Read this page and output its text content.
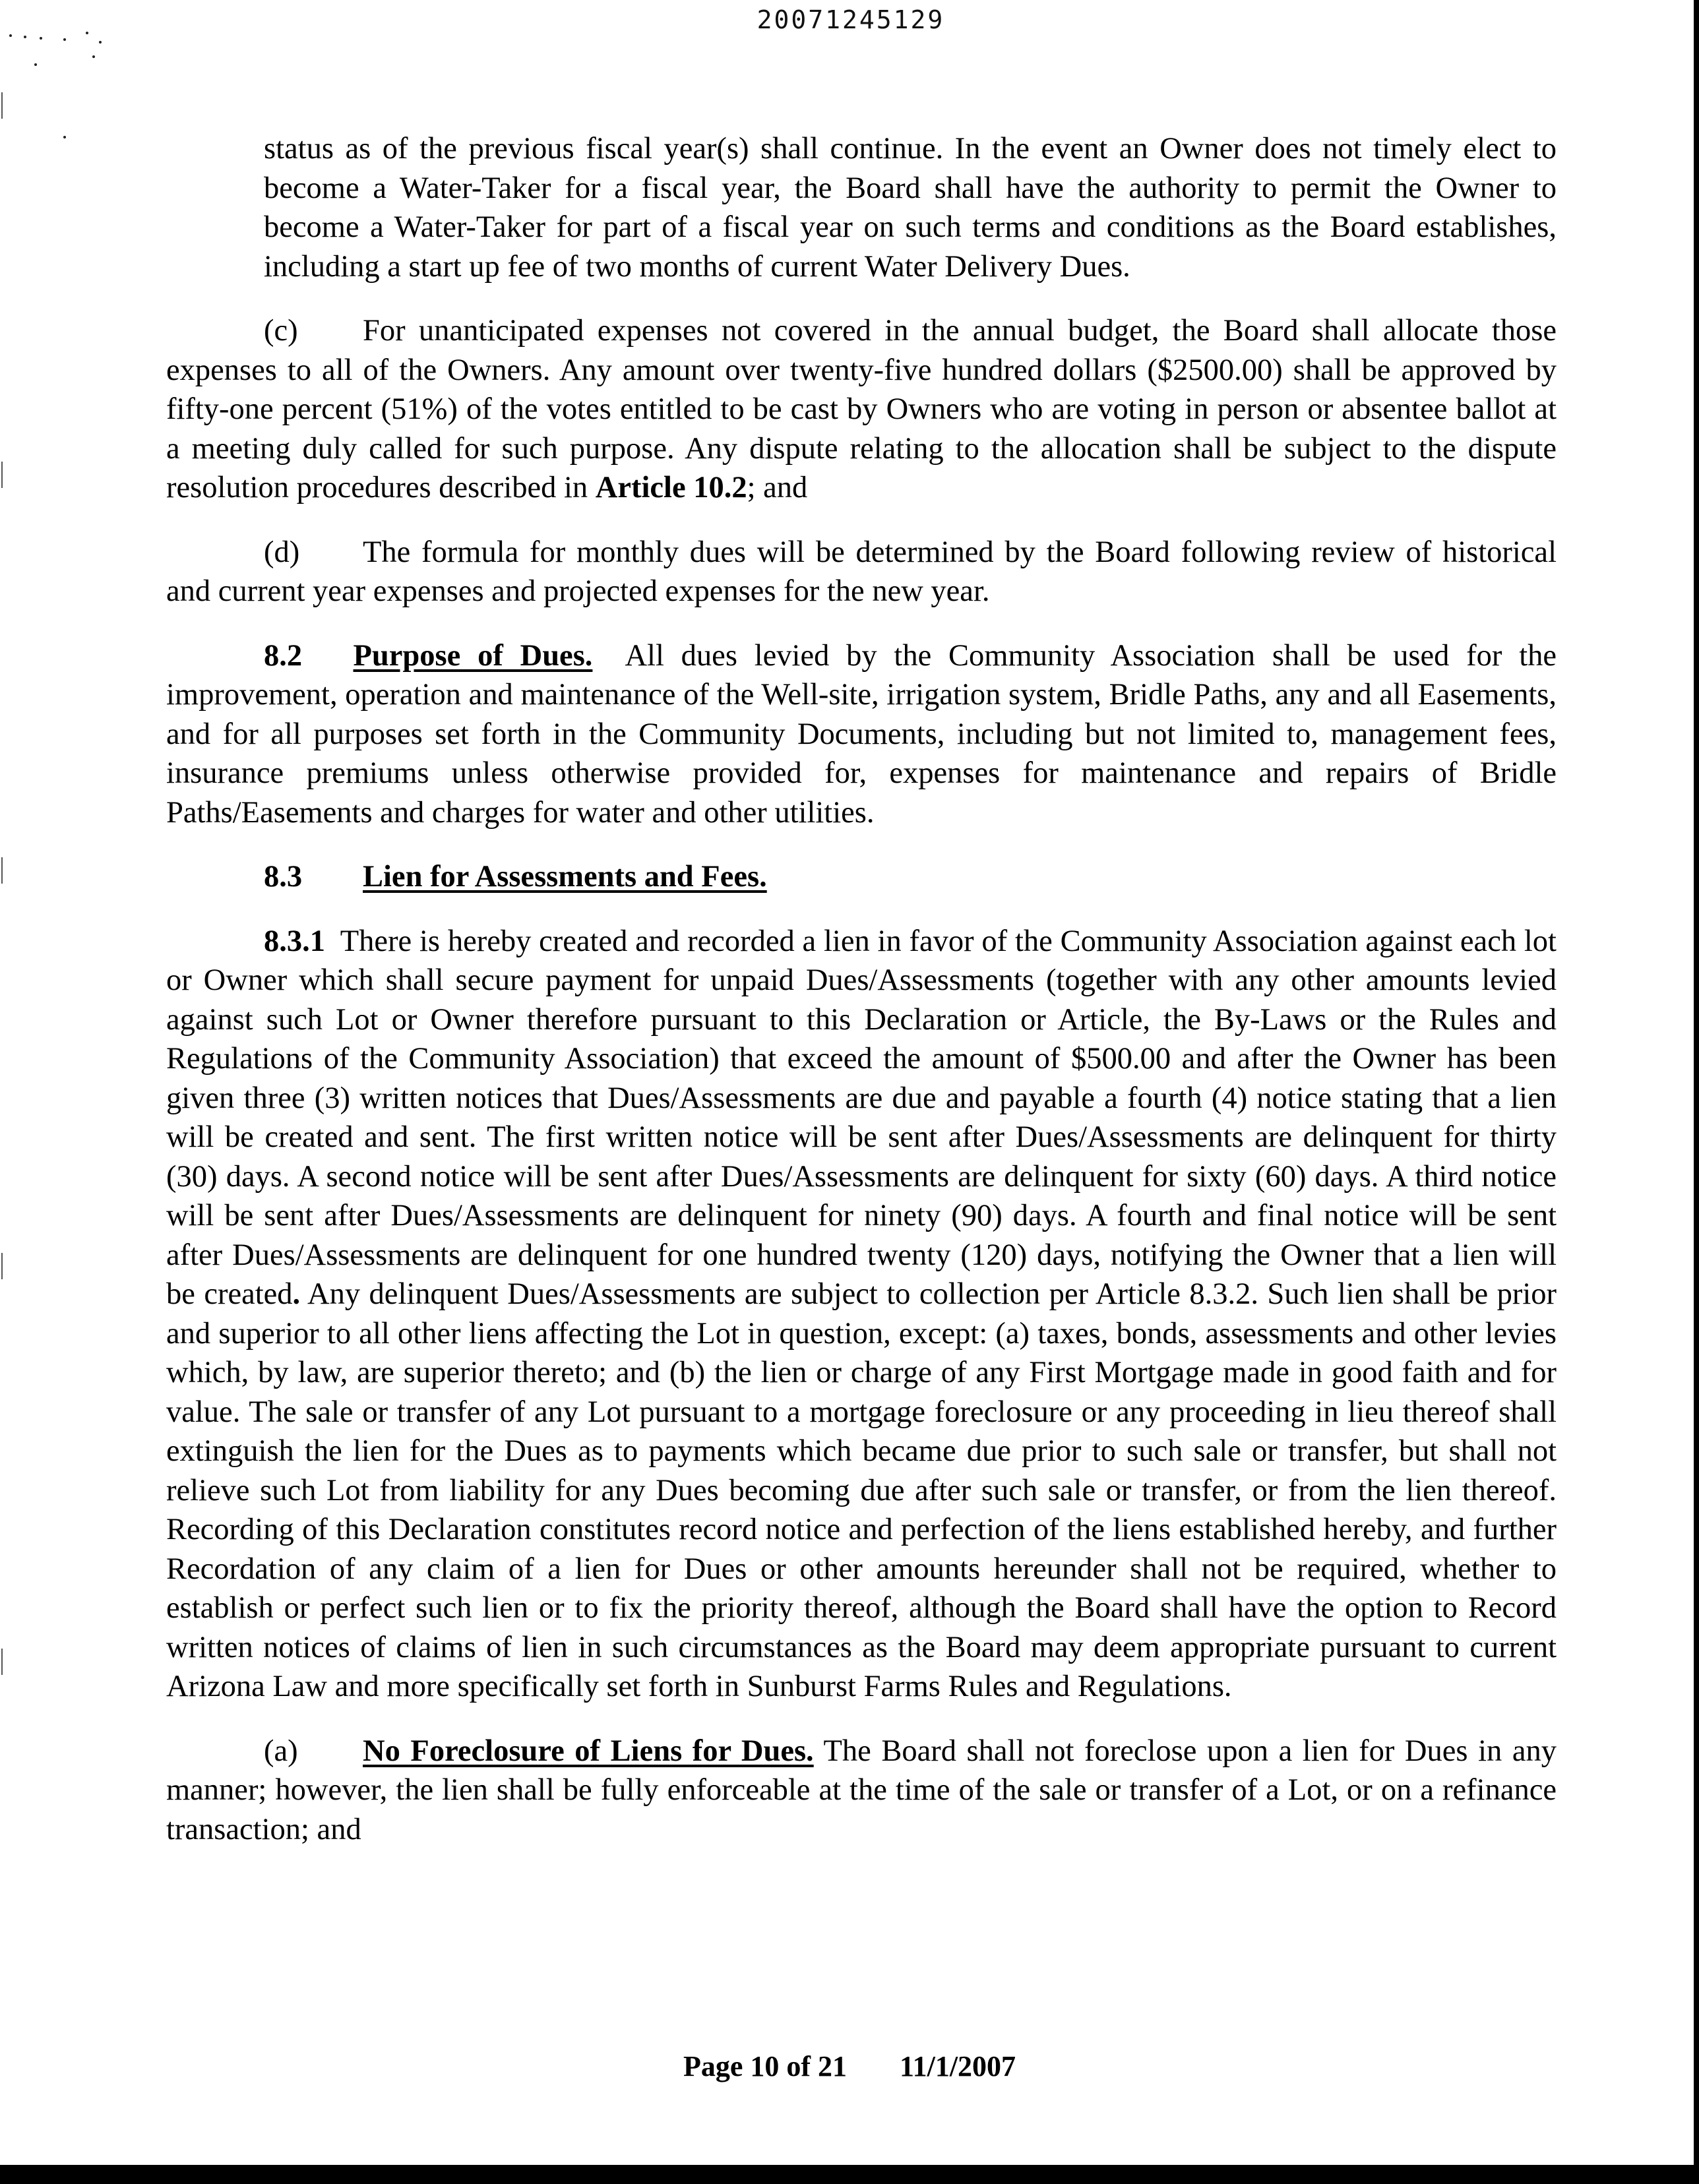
20071245129

status as of the previous fiscal year(s) shall continue. In the event an Owner does not timely elect to become a Water-Taker for a fiscal year, the Board shall have the authority to permit the Owner to become a Water-Taker for part of a fiscal year on such terms and conditions as the Board establishes, including a start up fee of two months of current Water Delivery Dues.

(c) For unanticipated expenses not covered in the annual budget, the Board shall allocate those expenses to all of the Owners. Any amount over twenty-five hundred dollars ($2500.00) shall be approved by fifty-one percent (51%) of the votes entitled to be cast by Owners who are voting in person or absentee ballot at a meeting duly called for such purpose. Any dispute relating to the allocation shall be subject to the dispute resolution procedures described in Article 10.2; and

(d) The formula for monthly dues will be determined by the Board following review of historical and current year expenses and projected expenses for the new year.

8.2 Purpose of Dues. All dues levied by the Community Association shall be used for the improvement, operation and maintenance of the Well-site, irrigation system, Bridle Paths, any and all Easements, and for all purposes set forth in the Community Documents, including but not limited to, management fees, insurance premiums unless otherwise provided for, expenses for maintenance and repairs of Bridle Paths/Easements and charges for water and other utilities.

8.3 Lien for Assessments and Fees.

8.3.1 There is hereby created and recorded a lien in favor of the Community Association against each lot or Owner which shall secure payment for unpaid Dues/Assessments (together with any other amounts levied against such Lot or Owner therefore pursuant to this Declaration or Article, the By-Laws or the Rules and Regulations of the Community Association) that exceed the amount of $500.00 and after the Owner has been given three (3) written notices that Dues/Assessments are due and payable a fourth (4) notice stating that a lien will be created and sent. The first written notice will be sent after Dues/Assessments are delinquent for thirty (30) days. A second notice will be sent after Dues/Assessments are delinquent for sixty (60) days. A third notice will be sent after Dues/Assessments are delinquent for ninety (90) days. A fourth and final notice will be sent after Dues/Assessments are delinquent for one hundred twenty (120) days, notifying the Owner that a lien will be created. Any delinquent Dues/Assessments are subject to collection per Article 8.3.2. Such lien shall be prior and superior to all other liens affecting the Lot in question, except: (a) taxes, bonds, assessments and other levies which, by law, are superior thereto; and (b) the lien or charge of any First Mortgage made in good faith and for value. The sale or transfer of any Lot pursuant to a mortgage foreclosure or any proceeding in lieu thereof shall extinguish the lien for the Dues as to payments which became due prior to such sale or transfer, but shall not relieve such Lot from liability for any Dues becoming due after such sale or transfer, or from the lien thereof. Recording of this Declaration constitutes record notice and perfection of the liens established hereby, and further Recordation of any claim of a lien for Dues or other amounts hereunder shall not be required, whether to establish or perfect such lien or to fix the priority thereof, although the Board shall have the option to Record written notices of claims of lien in such circumstances as the Board may deem appropriate pursuant to current Arizona Law and more specifically set forth in Sunburst Farms Rules and Regulations.

(a) No Foreclosure of Liens for Dues. The Board shall not foreclose upon a lien for Dues in any manner; however, the lien shall be fully enforceable at the time of the sale or transfer of a Lot, or on a refinance transaction; and

Page 10 of 21 11/1/2007
